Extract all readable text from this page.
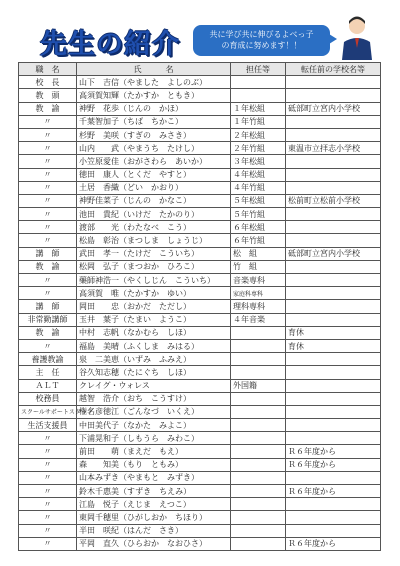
先生の紹介	共に学び共に伸びるよべっ子
の育成に努めます！！
職　名	氏　　　名	担任等	転任前の学校名等
校　長	山下　吉信（やました　よしのぶ）		
教　頭	高須賀知輝（たかすか　ともき）		
教　諭	神野　花歩（じんの　かほ）	１年松組	砥部町立宮内小学校
〃	千葉智加子（ちば　ちかこ）	１年竹組	
〃	杉野　美咲（すぎの　みさき）	２年松組	
〃	山内　　武（やまうち　たけし）	２年竹組	東温市立拝志小学校
〃	小笠原愛佳（おがさわら　あいか）	３年松組	
〃	徳田　康人（とくだ　やすと）	４年松組	
〃	土居　香織（どい　かおり）	４年竹組	
〃	神野佳菜子（じんの　かなこ）	５年松組	松前町立松前小学校
〃	池田　貴紀（いけだ　たかのり）	５年竹組	
〃	渡部　　光（わたなべ　こう）	６年松組	
〃	松島　彰治（まつしま　しょうじ）	６年竹組	
講　師	武田　孝一（たけだ　こういち）	松　組	砥部町立宮内小学校
教　諭	松岡　弘子（まつおか　ひろこ）	竹　組	
〃	藥師神浩一（やくしじん　こういち）	音楽専科	
〃	高須賀　唯（たかすか　ゆい）	家庭科専科	
講　師	岡田　　忠（おかだ　ただし）	理科専科	
非常勤講師	玉井　葉子（たまい　ようこ）	４年音楽	
教　諭	中村　志帆（なかむら　しほ）		育休
〃	福島　美晴（ふくしま　みはる）		育休
養護教諭	泉　二美恵（いずみ　ふみえ）		
主　任	谷久知志穂（たにぐち　しほ）		
ＡＬＴ	クレイグ・ウォレス	外国籍	
校務員	越智　浩介（おち　こうすけ）		
スクールサポートスタッフ	権名彦徳江（ごんなづ　いくえ）		
生活支援員	中田美代子（なかた　みよこ）		
〃	下浦晃和子（しもうら　みわこ）		
〃	前田　　萌（まえだ　もえ）		Ｒ６年度から
〃	森　　知美（もり　ともみ）		Ｒ６年度から
〃	山本みずき（やまもと　みずき）		
〃	鈴木千惠美（すずき　ちえみ）		Ｒ６年度から
〃	江島　悦子（えじま　えつこ）		
〃	東岡千穂里（ひがしおか　ちほり）		
〃	半田　咲紀（はんだ　さき）		
〃	平岡　直久（ひらおか　なおひさ）		Ｒ６年度から
